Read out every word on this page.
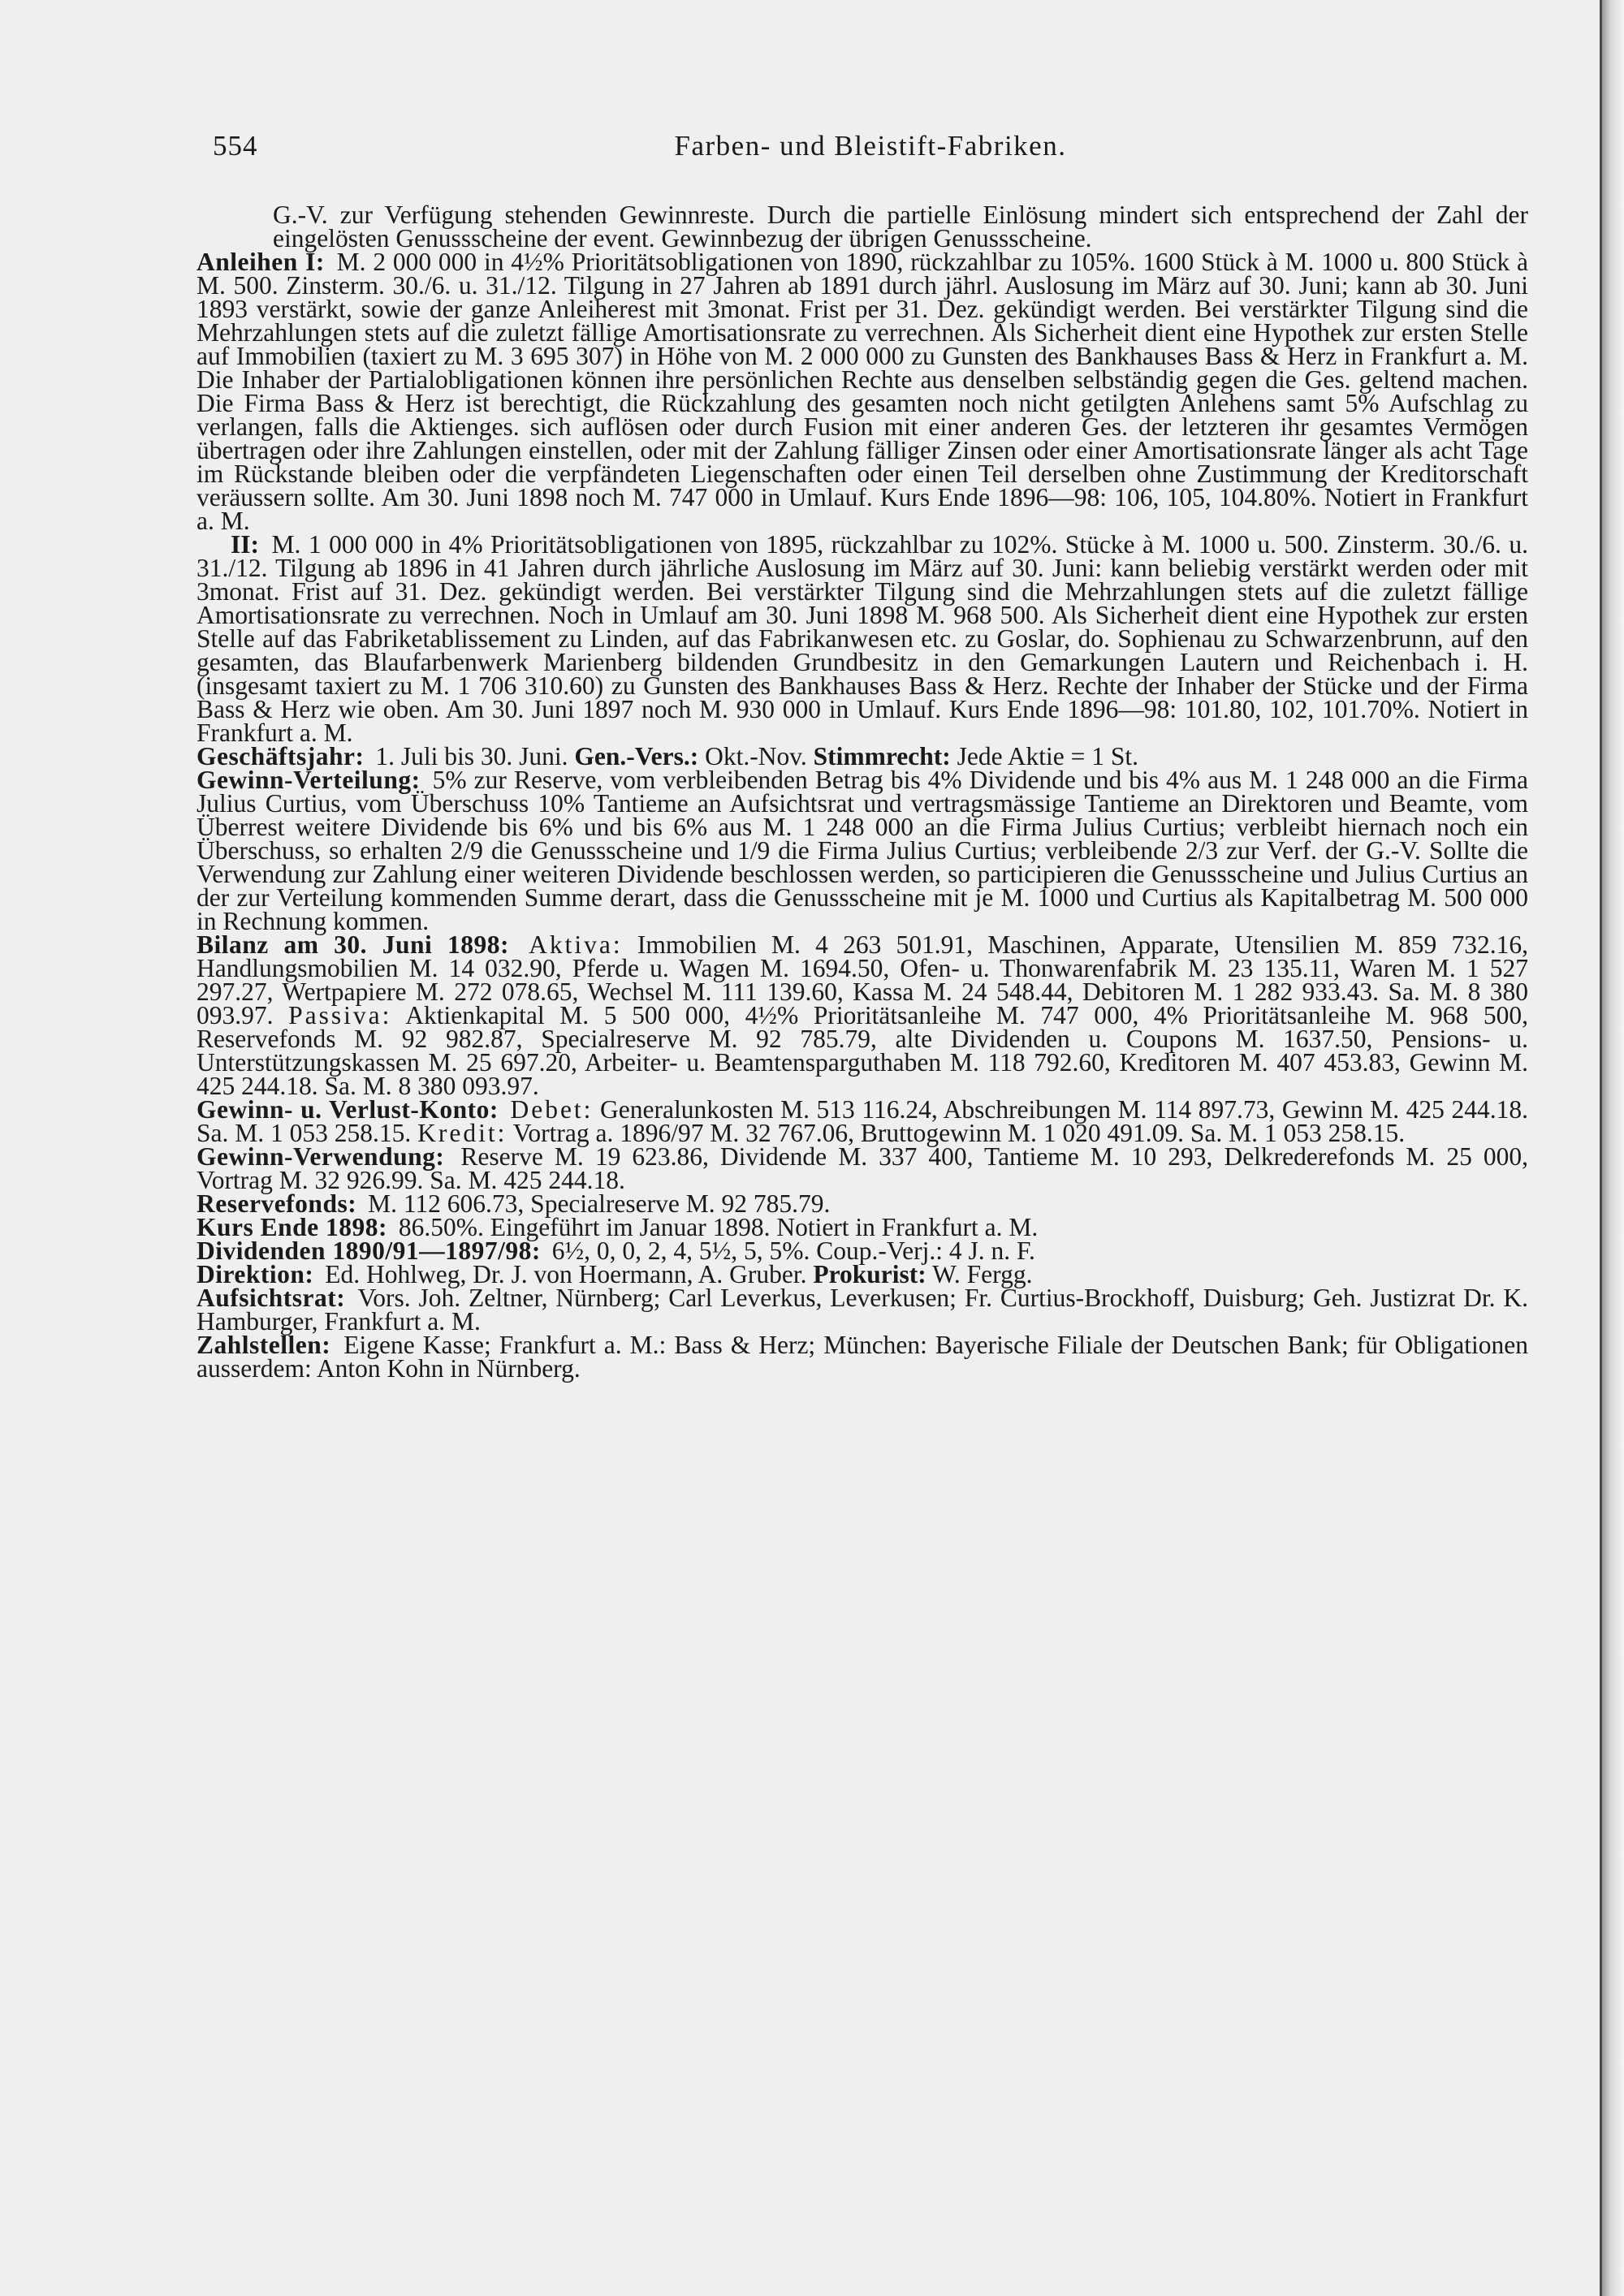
554	Farben- und Bleistift-Fabriken.

G.-V. zur Verfügung stehenden Gewinnreste. Durch die partielle Einlösung mindert sich entsprechend der Zahl der eingelösten Genussscheine der event. Gewinnbezug der übrigen Genussscheine.

Anleihen I: M. 2 000 000 in 4½% Prioritätsobligationen von 1890, rückzahlbar zu 105%. 1600 Stück à M. 1000 u. 800 Stück à M. 500. Zinsterm. 30./6. u. 31./12. Tilgung in 27 Jahren ab 1891 durch jährl. Auslosung im März auf 30. Juni; kann ab 30. Juni 1893 verstärkt, sowie der ganze Anleiherest mit 3monat. Frist per 31. Dez. gekündigt werden. Bei verstärkter Tilgung sind die Mehrzahlungen stets auf die zuletzt fällige Amortisationsrate zu verrechnen. Als Sicherheit dient eine Hypothek zur ersten Stelle auf Immobilien (taxiert zu M. 3 695 307) in Höhe von M. 2 000 000 zu Gunsten des Bankhauses Bass & Herz in Frankfurt a. M. Die Inhaber der Partialobligationen können ihre persönlichen Rechte aus denselben selbständig gegen die Ges. geltend machen. Die Firma Bass & Herz ist berechtigt, die Rückzahlung des gesamten noch nicht getilgten Anlehens samt 5% Aufschlag zu verlangen, falls die Aktienges. sich auflösen oder durch Fusion mit einer anderen Ges. der letzteren ihr gesamtes Vermögen übertragen oder ihre Zahlungen einstellen, oder mit der Zahlung fälliger Zinsen oder einer Amortisationsrate länger als acht Tage im Rückstande bleiben oder die verpfändeten Liegenschaften oder einen Teil derselben ohne Zustimmung der Kreditorschaft veräussern sollte. Am 30. Juni 1898 noch M. 747 000 in Umlauf. Kurs Ende 1896—98: 106, 105, 104.80%. Notiert in Frankfurt a. M.

II: M. 1 000 000 in 4% Prioritätsobligationen von 1895, rückzahlbar zu 102%. Stücke à M. 1000 u. 500. Zinsterm. 30./6. u. 31./12. Tilgung ab 1896 in 41 Jahren durch jährliche Auslosung im März auf 30. Juni: kann beliebig verstärkt werden oder mit 3monat. Frist auf 31. Dez. gekündigt werden. Bei verstärkter Tilgung sind die Mehrzahlungen stets auf die zuletzt fällige Amortisationsrate zu verrechnen. Noch in Umlauf am 30. Juni 1898 M. 968 500. Als Sicherheit dient eine Hypothek zur ersten Stelle auf das Fabriketablissement zu Linden, auf das Fabrikanwesen etc. zu Goslar, do. Sophienau zu Schwarzenbrunn, auf den gesamten, das Blaufarbenwerk Marienberg bildenden Grundbesitz in den Gemarkungen Lautern und Reichenbach i. H. (insgesamt taxiert zu M. 1 706 310.60) zu Gunsten des Bankhauses Bass & Herz. Rechte der Inhaber der Stücke und der Firma Bass & Herz wie oben. Am 30. Juni 1897 noch M. 930 000 in Umlauf. Kurs Ende 1896—98: 101.80, 102, 101.70%. Notiert in Frankfurt a. M.

Geschäftsjahr: 1. Juli bis 30. Juni. Gen.-Vers.: Okt.-Nov. Stimmrecht: Jede Aktie = 1 St.

Gewinn-Verteilung: 5% zur Reserve, vom verbleibenden Betrag bis 4% Dividende und bis 4% aus M. 1 248 000 an die Firma Julius Curtius, vom Überschuss 10% Tantieme an Aufsichtsrat und vertragsmässige Tantieme an Direktoren und Beamte, vom Überrest weitere Dividende bis 6% und bis 6% aus M. 1 248 000 an die Firma Julius Curtius; verbleibt hiernach noch ein Überschuss, so erhalten 2/9 die Genussscheine und 1/9 die Firma Julius Curtius; verbleibende 2/3 zur Verf. der G.-V. Sollte die Verwendung zur Zahlung einer weiteren Dividende beschlossen werden, so participieren die Genussscheine und Julius Curtius an der zur Verteilung kommenden Summe derart, dass die Genussscheine mit je M. 1000 und Curtius als Kapitalbetrag M. 500 000 in Rechnung kommen.

Bilanz am 30. Juni 1898: Aktiva: Immobilien M. 4 263 501.91, Maschinen, Apparate, Utensilien M. 859 732.16, Handlungsmobilien M. 14 032.90, Pferde u. Wagen M. 1694.50, Ofen- u. Thonwarenfabrik M. 23 135.11, Waren M. 1 527 297.27, Wertpapiere M. 272 078.65, Wechsel M. 111 139.60, Kassa M. 24 548.44, Debitoren M. 1 282 933.43. Sa. M. 8 380 093.97. Passiva: Aktienkapital M. 5 500 000, 4½% Prioritätsanleihe M. 747 000, 4% Prioritätsanleihe M. 968 500, Reservefonds M. 92 982.87, Specialreserve M. 92 785.79, alte Dividenden u. Coupons M. 1637.50, Pensions- u. Unterstützungskassen M. 25 697.20, Arbeiter- u. Beamtensparguthaben M. 118 792.60, Kreditoren M. 407 453.83, Gewinn M. 425 244.18. Sa. M. 8 380 093.97.

Gewinn- u. Verlust-Konto: Debet: Generalunkosten M. 513 116.24, Abschreibungen M. 114 897.73, Gewinn M. 425 244.18. Sa. M. 1 053 258.15. Kredit: Vortrag a. 1896/97 M. 32 767.06, Bruttogewinn M. 1 020 491.09. Sa. M. 1 053 258.15.

Gewinn-Verwendung: Reserve M. 19 623.86, Dividende M. 337 400, Tantieme M. 10 293, Delkrederefonds M. 25 000, Vortrag M. 32 926.99. Sa. M. 425 244.18.

Reservefonds: M. 112 606.73, Specialreserve M. 92 785.79.

Kurs Ende 1898: 86.50%. Eingeführt im Januar 1898. Notiert in Frankfurt a. M.

Dividenden 1890/91—1897/98: 6½, 0, 0, 2, 4, 5½, 5, 5%. Coup.-Verj.: 4 J. n. F.

Direktion: Ed. Hohlweg, Dr. J. von Hoermann, A. Gruber. Prokurist: W. Fergg.

Aufsichtsrat: Vors. Joh. Zeltner, Nürnberg; Carl Leverkus, Leverkusen; Fr. Curtius-Brockhoff, Duisburg; Geh. Justizrat Dr. K. Hamburger, Frankfurt a. M.

Zahlstellen: Eigene Kasse; Frankfurt a. M.: Bass & Herz; München: Bayerische Filiale der Deutschen Bank; für Obligationen ausserdem: Anton Kohn in Nürnberg.
